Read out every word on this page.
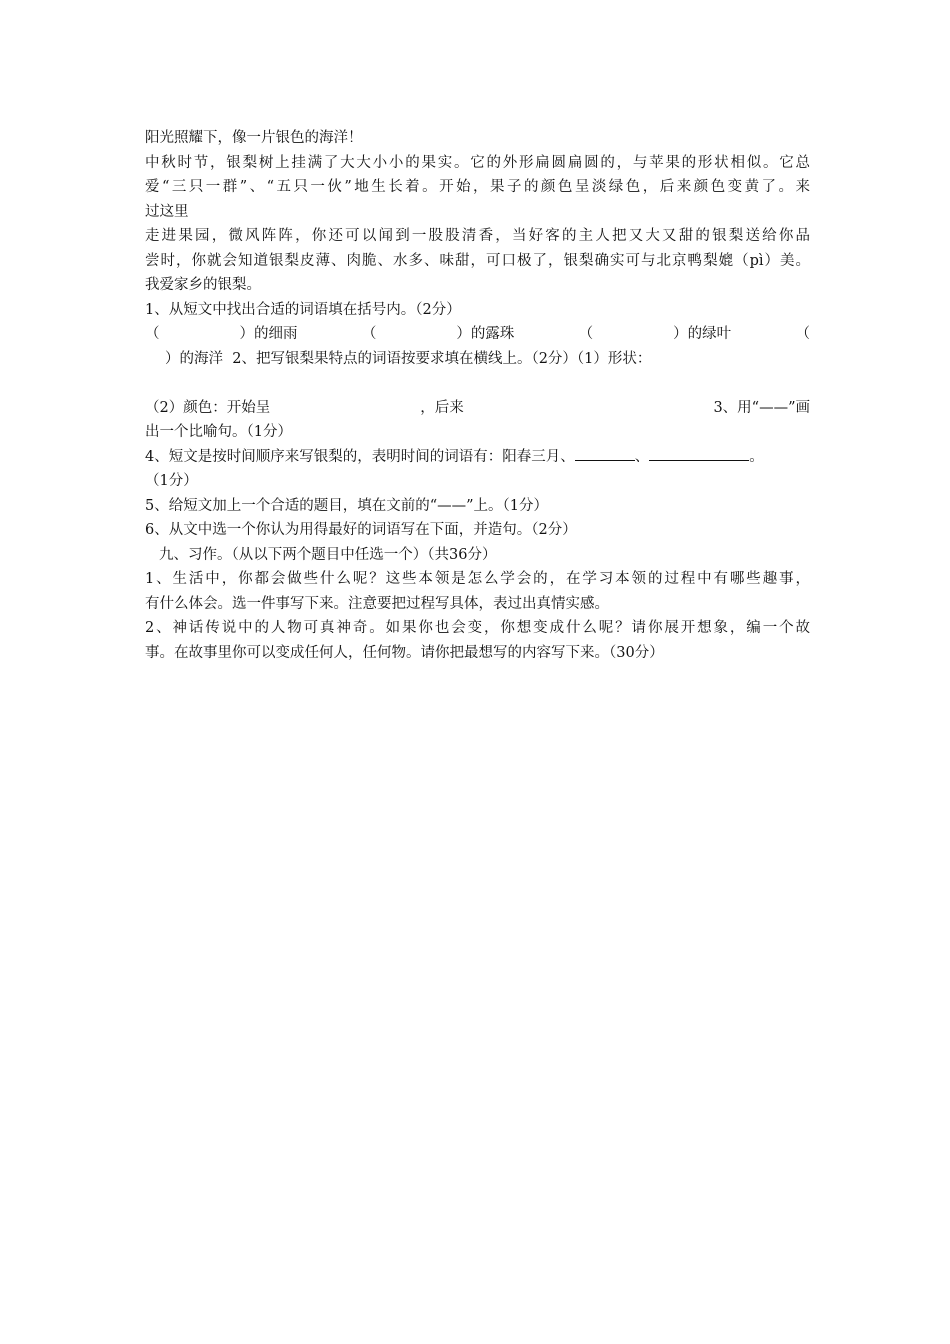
阳光照耀下，像一片银色的海洋！
中秋时节，银梨树上挂满了大大小小的果实。它的外形扁圆扁圆的，与苹果的形状相似。它总
爱“三只一群”、“五只一伙”地生长着。开始，果子的颜色呈淡绿色，后来颜色变黄了。来
过这里
走进果园，微风阵阵，你还可以闻到一股股清香，当好客的主人把又大又甜的银梨送给你品
尝时，你就会知道银梨皮薄、肉脆、水多、味甜，可口极了，银梨确实可与北京鸭梨媲（pì）美。
我爱家乡的银梨。
1、从短文中找出合适的词语填在括号内。（2分）
（	）的细雨	（	）的露珠	（	）的绿叶	（
）的海洋 2、把写银梨果特点的词语按要求填在横线上。（2分）（1）形状：
（2）颜色：开始呈	，后来	3、用“——”画
出一个比喻句。（1分）
4、短文是按时间顺序来写银梨的，表明时间的词语有：阳春三月、	、	。
（1分）
5、给短文加上一个合适的题目，填在文前的“——”上。（1分）
6、从文中选一个你认为用得最好的词语写在下面，并造句。（2分）
九、习作。（从以下两个题目中任选一个）（共36分）
1、生活中，你都会做些什么呢？这些本领是怎么学会的，在学习本领的过程中有哪些趣事，
有什么体会。选一件事写下来。注意要把过程写具体，表过出真情实感。
2、神话传说中的人物可真神奇。如果你也会变，你想变成什么呢？请你展开想象，编一个故
事。在故事里你可以变成任何人，任何物。请你把最想写的内容写下来。（30分）
